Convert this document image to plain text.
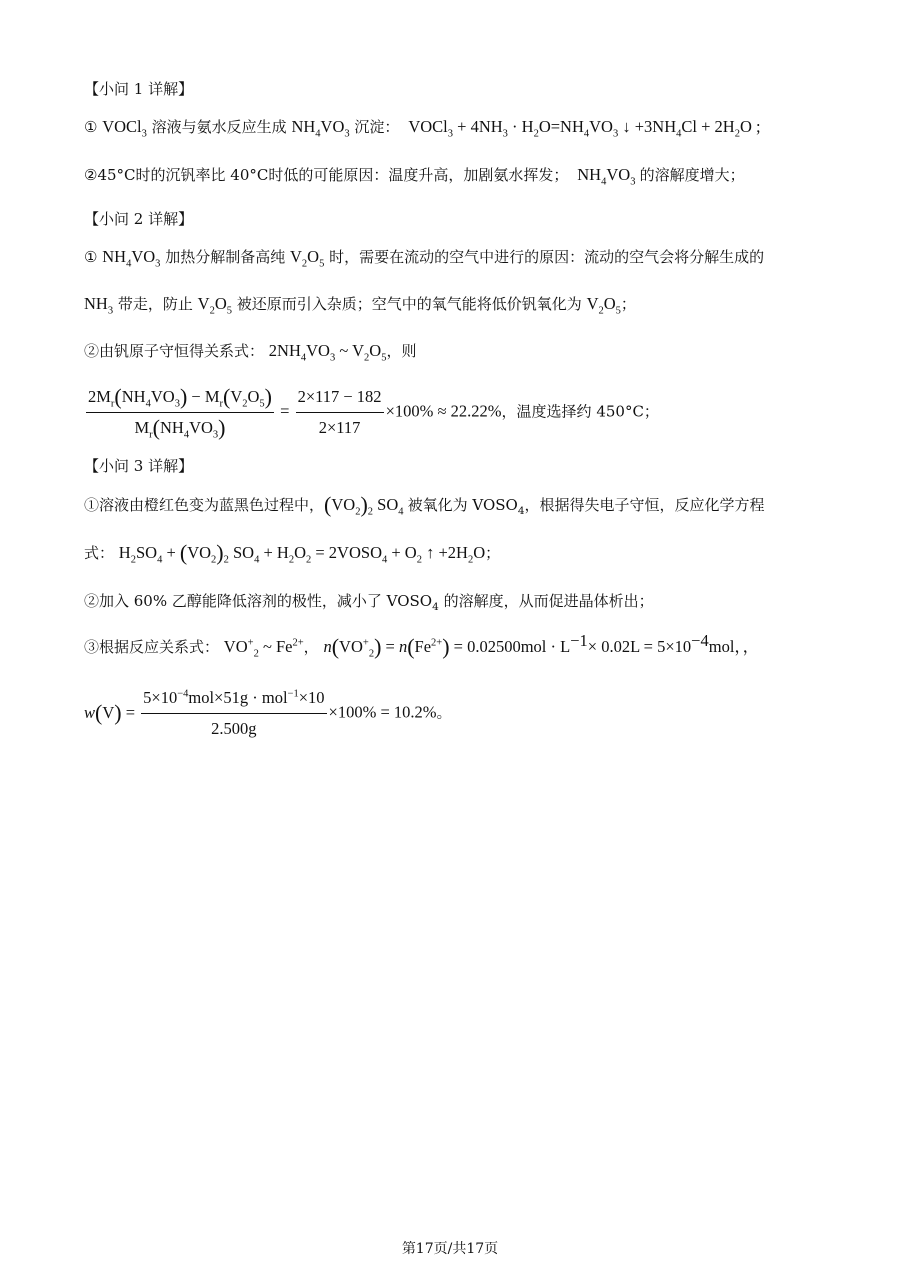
【小问 1 详解】
① VOCl$_3$ 溶液与氨水反应生成 $NH_4VO_3$ 沉淀：  VOCl$_3$ + $4NH_3 \cdot H_2O=NH_4VO_3$ ↓ $+3NH_4Cl + 2H_2O$ ;
②45°C时的沉钒率比 40°C时低的可能原因：温度升高，加剧氨水挥发；  $NH_4VO_3$ 的溶解度增大；
【小问 2 详解】
① $NH_4VO_3$ 加热分解制备高纯 $V_2O_5$ 时，需要在流动的空气中进行的原因：流动的空气会将分解生成的
$NH_3$ 带走，防止 $V_2O_5$ 被还原而引入杂质；空气中的氧气能将低价钒氧化为 $V_2O_5$；
②由钒原子守恒得关系式： $2NH_4VO_3$ ~ $V_2O_5$，则
$\frac{2M_r(NH_4VO_3) - M_r(V_2O_5)}{M_r(NH_4VO_3)} = \frac{2\times 117 - 182}{2\times 117} \times 100\% \approx 22.22\%$，温度选择约 450°C；
【小问 3 详解】
①溶液由橙红色变为蓝黑色过程中，$(VO_2)_2$ $SO_4$ 被氧化为 $VOSO_4$，根据得失电子守恒，反应化学方程
式： $H_2SO_4 + (VO_2)_2$ $SO_4 + H_2O_2$ = $2VOSO_4 + O_2$ ↑ $+2H_2O$；
②加入 60% 乙醇能降低溶剂的极性，减小了 $VOSO_4$ 的溶解度，从而促进晶体析出；
③根据反应关系式： $VO^+_2$ ~ $Fe^{2+}$， $n(VO^+_2) = n(Fe^{2+}) = 0.02500mol \cdot L^{-1}\times 0.02L = 5\times 10^{-4}mol$，，
$w(V) = \frac{5\times 10^{-4}mol\times 51g \cdot mol^{-1}\times 10}{2.500g} \times 100\% = 10.2\%$。
第17页/共17页
